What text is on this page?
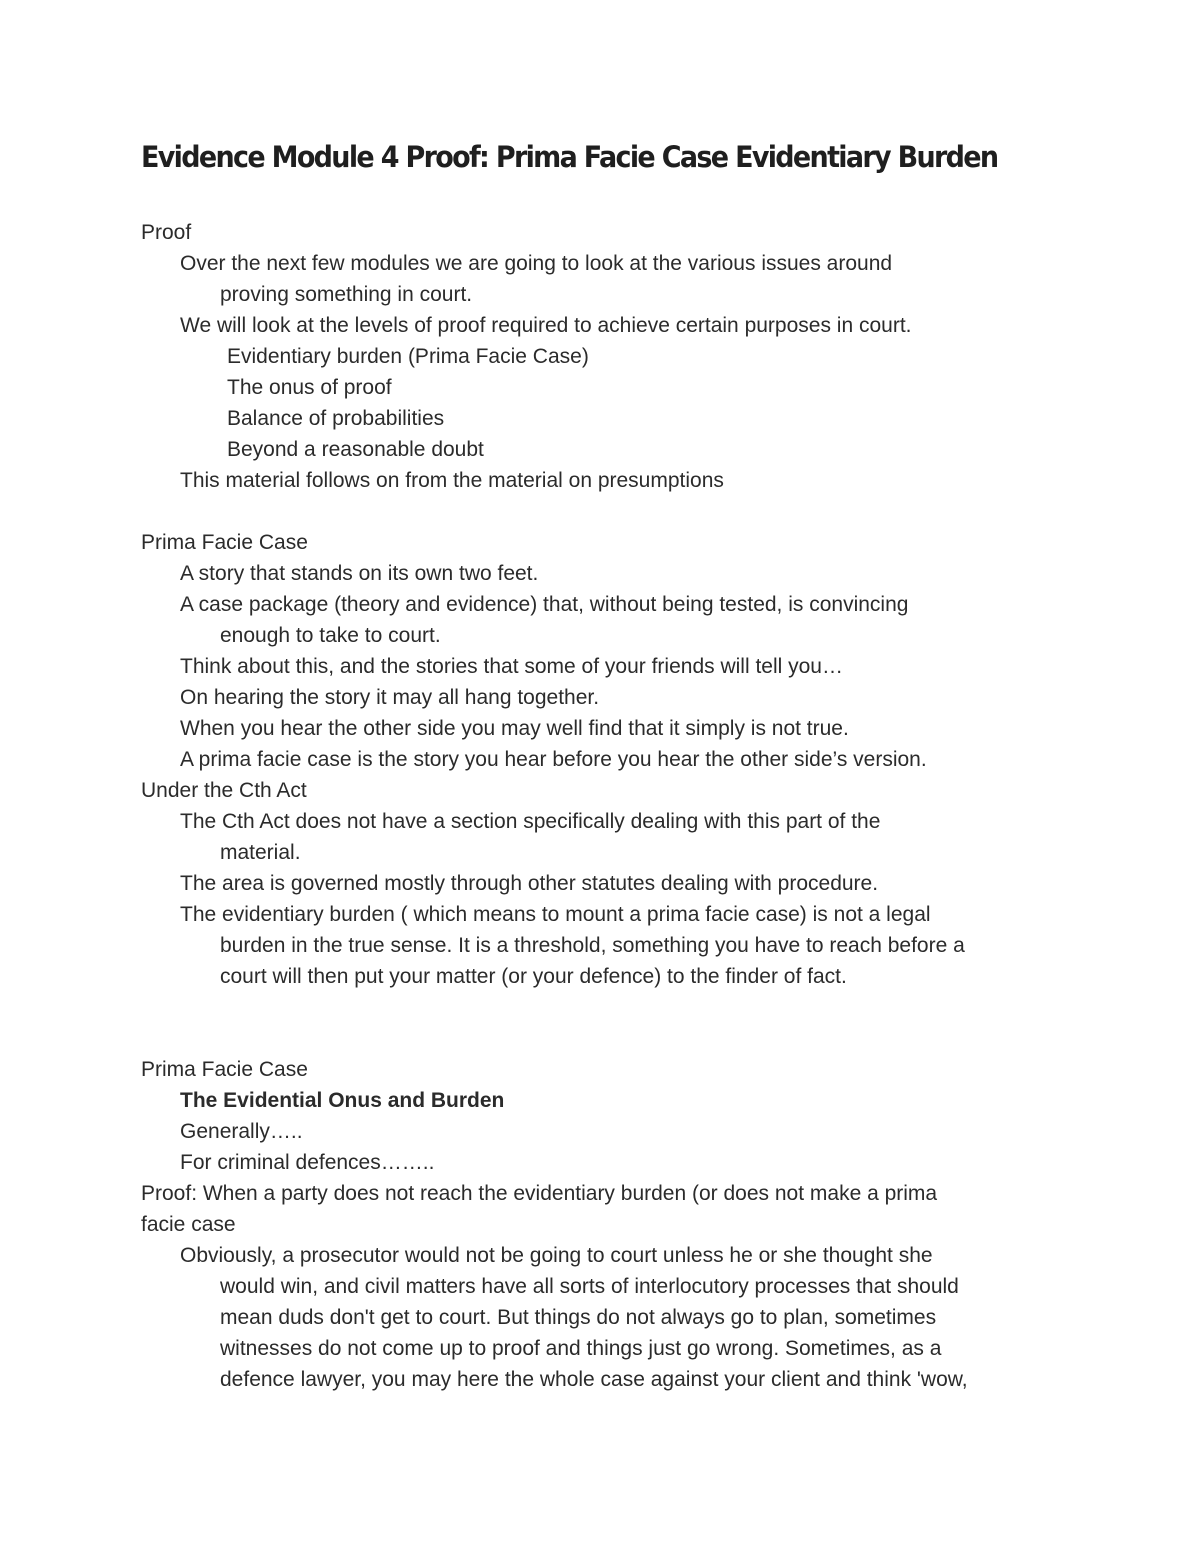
Evidence Module 4 Proof: Prima Facie Case Evidentiary Burden
Proof
Over the next few modules we are going to look at the various issues around
proving something in court.
We will look at the levels of proof required to achieve certain purposes in court.
Evidentiary burden (Prima Facie Case)
The onus of proof
Balance of probabilities
Beyond a reasonable doubt
This material follows on from the material on presumptions
Prima Facie Case
A story that stands on its own two feet.
A case package (theory and evidence) that, without being tested, is convincing
enough to take to court.
Think about this, and the stories that some of your friends will tell you…
On hearing the story it may all hang together.
When you hear the other side you may well find that it simply is not true.
A prima facie case is the story you hear before you hear the other side’s version.
Under the Cth Act
The Cth Act does not have a section specifically dealing with this part of the
material.
The area is governed mostly through other statutes dealing with procedure.
The evidentiary burden ( which means to mount a prima facie case) is not a legal
burden in the true sense. It is a threshold, something you have to reach before a
court will then put your matter (or your defence) to the finder of fact.
Prima Facie Case
The Evidential Onus and Burden
Generally…..
For criminal defences……..
Proof: When a party does not reach the evidentiary burden (or does not make a prima
facie case
Obviously, a prosecutor would not be going to court unless he or she thought she
would win, and civil matters have all sorts of interlocutory processes that should
mean duds don't get to court. But things do not always go to plan, sometimes
witnesses do not come up to proof and things just go wrong. Sometimes, as a
defence lawyer, you may here the whole case against your client and think 'wow,
